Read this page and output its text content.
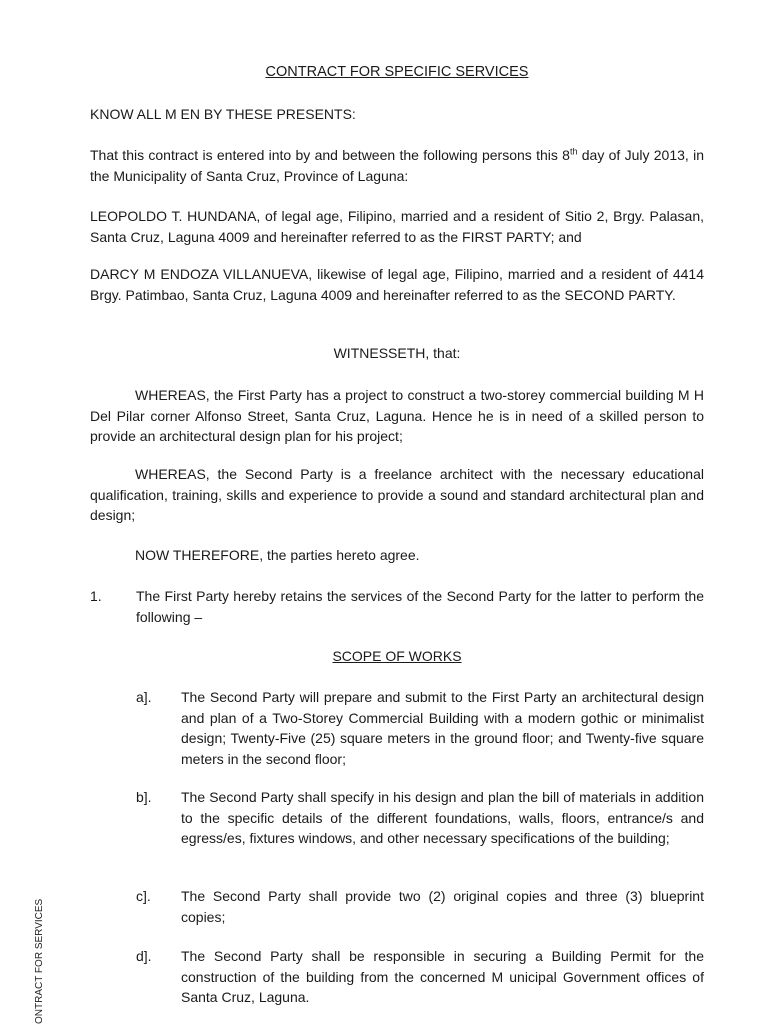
CONTRACT FOR SPECIFIC SERVICES

KNOW ALL M EN BY THESE PRESENTS:

That this contract is entered into by and between the following persons this 8th day of July 2013, in the Municipality of Santa Cruz, Province of Laguna:

LEOPOLDO T. HUNDANA, of legal age, Filipino, married and a resident of Sitio 2, Brgy. Palasan, Santa Cruz, Laguna 4009 and hereinafter referred to as the FIRST PARTY; and

DARCY M ENDOZA VILLANUEVA, likewise of legal age, Filipino, married and a resident of 4414 Brgy. Patimbao, Santa Cruz, Laguna 4009 and hereinafter referred to as the SECOND PARTY.

WITNESSETH, that:

WHEREAS, the First Party has a project to construct a two-storey commercial building M H Del Pilar corner Alfonso Street, Santa Cruz, Laguna. Hence he is in need of a skilled person to provide an architectural design plan for his project;

WHEREAS, the Second Party is a freelance architect with the necessary educational qualification, training, skills and experience to provide a sound and standard architectural plan and design;

NOW THEREFORE, the parties hereto agree.

1. The First Party hereby retains the services of the Second Party for the latter to perform the following –

SCOPE OF WORKS
a]. The Second Party will prepare and submit to the First Party an architectural design and plan of a Two-Storey Commercial Building with a modern gothic or minimalist design; Twenty-Five (25) square meters in the ground floor; and Twenty-five square meters in the second floor;

b]. The Second Party shall specify in his design and plan the bill of materials in addition to the specific details of the different foundations, walls, floors, entrance/s and egress/es, fixtures windows, and other necessary specifications of the building;

c]. The Second Party shall provide two (2) original copies and three (3) blueprint copies;

d]. The Second Party shall be responsible in securing a Building Permit for the construction of the building from the concerned M unicipal Government offices of Santa Cruz, Laguna.

ONTRACT FOR SERVICES
